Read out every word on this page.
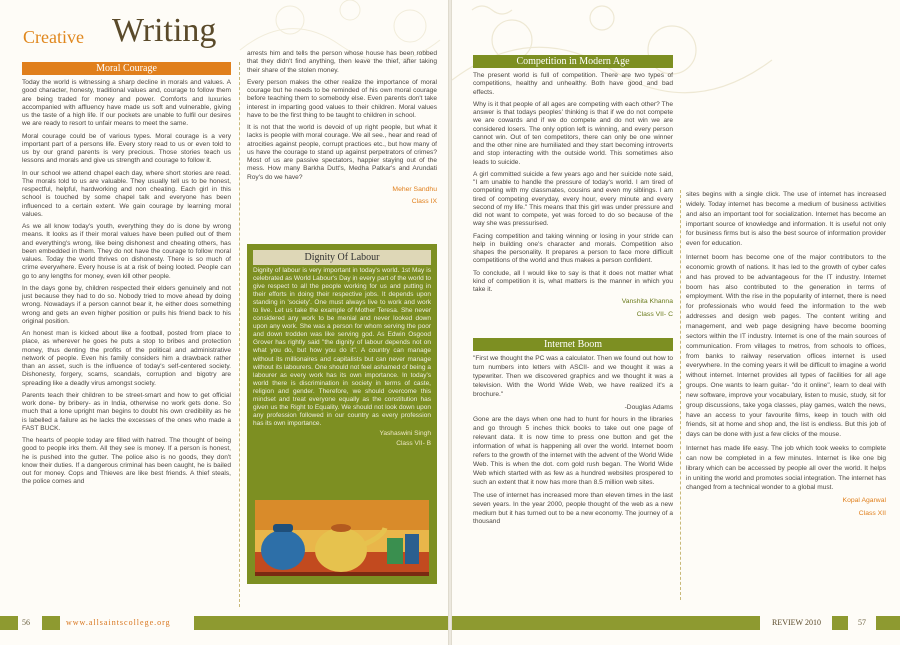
Creative Writing
Moral Courage

Today the world is witnessing a sharp decline in morals and values. A good character, honesty, traditional values and, courage to follow them are being traded for money and power. Comforts and luxuries accompanied with affluency have made us soft and vulnerable, giving us the taste of a high life. If our pockets are unable to fulfil our desires we are ready to resort to unfair means to meet the same.

Moral courage could be of various types. Moral courage is a very important part of a persons life. Every story read to us or even told to us by our grand parents is very precious. Those stories teach us lessons and morals and give us strength and courage to follow it.

In our school we attend chapel each day, where short stories are read. The morals told to us are valuable. They usually tell us to be honest, respectful, helpful, hardworking and non cheating. Each girl in this school is touched by some chapel talk and everyone has been influenced to a certain extent. We gain courage by learning moral values.

As we all know today's youth, everything they do is done by wrong means. It looks as if their moral values have been pulled out of them and everything's wrong, like being dishonest and cheating others, has been embedded in them. They do not have the courage to follow moral values. Today the world thrives on dishonesty. There is so much of crime everywhere. Every house is at a risk of being looted. People can go to any lengths for money, even kill other people.

In the days gone by, children respected their elders genuinely and not just because they had to do so. Nobody tried to move ahead by doing wrong. Nowadays if a person cannot bear it, he either does something wrong and gets an even higher position or pulls his friend back to his original position.

An honest man is kicked about like a football, posted from place to place, as wherever he goes he puts a stop to bribes and protection money, thus denting the profits of the political and administrative network of people. Even his family considers him a drawback rather than an asset, such is the influence of today's self-centered society. Dishonesty, forgery, scams, scandals, corruption and bigotry are spreading like a deadly virus amongst society.

Parents teach their children to be street-smart and how to get official work done- by bribery- as in India, otherwise no work gets done. So much that a lone upright man begins to doubt his own credibility as he is labelled a failure as he lacks the excesses of the ones who made a FAST BUCK.

The hearts of people today are filled with hatred. The thought of being good to people irks them. All they see is money. If a person is honest, he is pushed into the gutter. The police also is no goods, they don't know their duties. If a dangerous criminal has been caught, he is bailed out for money. Cops and Thieves are like best friends. A thief steals, the police comes and

arrests him and tells the person whose house has been robbed that they didn't find anything, then leave the thief, after taking their share of the stolen money.

Every person makes the other realize the importance of moral courage but he needs to be reminded of his own moral courage before teaching them to somebody else. Even parents don't take interest in imparting good values to their children. Moral values have to be the first thing to be taught to children in school.

It is not that the world is devoid of up right people, but what it lacks is people with moral courage. We all see., hear and read of atrocities against people, corrupt practices etc., but how many of us have the courage to stand up against perpetrators of crimes? Most of us are passive spectators, happier staying out of the mess. How many Barkha Dutt's, Medha Patkar's and Arundati Roy's do we have?

Meher Sandhu

Class IX

Dignity Of Labour
Dignity of labour is very important in today's world. 1st May is celebrated as World Labour's Day in every part of the world to give respect to all the people working for us and putting in their efforts in doing their respective jobs. It depends upon standing in 'society'. One must always live to work and work to live. Let us take the example of Mother Teresa. She never considered any work to be menial and never looked down upon any work. She was a person for whom serving the poor and down trodden was like serving god. As Edwin Osgood Grover has rightly said "the dignity of labour depends not on what you do, but how you do it". A country can manage without its millionaires and capitalists but can never manage without its labourers. One should not feel ashamed of being a labourer as every work has its own importance. In today's world there is discrimination in society in terms of caste, religion and gender. Therefore, we should overcome this mindset and treat everyone equally as the constitution has given us the Right to Equality. We should not look down upon any profession followed in our country as every profession has its own importance.
Yashaswini Singh
Class VII- B
56	www.allsaintscollege.org
Competition in Modern Age

The present world is full of competition. There are two types of competitions, healthy and unhealthy. Both have good and bad effects.

Why is it that people of all ages are competing with each other? The answer is that todays peoples' thinking is that if we do not compete we are cowards and if we do compete and do not win we are considered losers. The only option left is winning, and every person cannot win. Out of ten competitors, there can only be one winner and the other nine are humiliated and they start becoming introverts and stop interacting with the outside world. This sometimes also leads to suicide.

A girl committed suicide a few years ago and her suicide note said, "I am unable to handle the pressure of today's world. I am tired of competing with my classmates, cousins and even my siblings. I am tired of competing everyday, every hour, every minute and every second of my life." This means that this girl was under pressure and did not want to compete, yet was forced to do so because of the way she was pressurised.

Facing competition and taking winning or losing in your stride can help in building one's character and morals. Competition also shapes the personality. It prepares a person to face more difficult competitions of the world and thus makes a person confident.

To conclude, all I would like to say is that it does not matter what kind of competition it is, what matters is the manner in which you take it.

Vanshita Khanna

Class VII- C

Internet Boom

"First we thought the PC was a calculator. Then we found out how to turn numbers into letters with ASCII- and we thought it was a typewriter. Then we discovered graphics and we thought it was a television. With the World Wide Web, we have realized it's a brochure."

-Douglas Adams

Gone are the days when one had to hunt for hours in the libraries and go through 5 inches thick books to take out one page of relevant data. It is now time to press one button and get the information of what is happening all over the world. Internet boom refers to the growth of the internet with the advent of the World Wide Web. This is when the dot. com gold rush began. The World Wide Web which started with as few as a hundred websites prospered to such an extent that it now has more than 8.5 million web sites.

The use of internet has increased more than eleven times in the last seven years. In the year 2000, people thought of the web as a new medium but it has turned out to be a new economy. The journey of a thousand

sites begins with a single click. The use of internet has increased widely. Today internet has become a medium of business activities and also an important tool for socialization. Internet has become an important source of knowledge and information. It is useful not only for business firms but is also the best source of information provider even for education.

Internet boom has become one of the major contributors to the economic growth of nations. It has led to the growth of cyber cafes and has proved to be advantageous for the IT industry. Internet boom has also contributed to the generation in terms of employment. With the rise in the popularity of internet, there is need for professionals who would feed the information to the web addresses and design web pages. The content writing and management, and web page designing have become booming sectors within the IT industry. Internet is one of the main sources of communication. From villages to metros, from schools to offices, from banks to railway reservation offices internet is used everywhere. In the coming years it will be difficult to imagine a world without internet. Internet provides all types of facilities for all age groups. One wants to learn guitar- "do it online", learn to deal with new software, improve your vocabulary, listen to music, study, sit for group discussions, take yoga classes, play games, watch the news, have an access to your favourite films, keep in touch with old friends, sit at home and shop and, the list is endless. But this job of days can be done with just a few clicks of the mouse.

Internet has made life easy. The job which took weeks to complete can now be completed in a few minutes. Internet is like one big library which can be accessed by people all over the world. It helps in uniting the world and promotes social integration. The internet has changed from a technical wonder to a global must.

Kopal Agarwal

Class XII

REVIEW 2010	57
